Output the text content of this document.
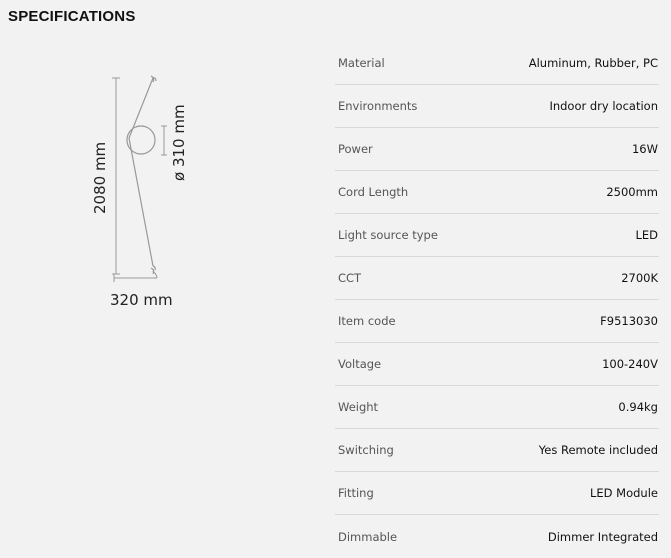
SPECIFICATIONS
2080 mm	ø 310 mm
320 mm
Material	Aluminum, Rubber, PC
Environments	Indoor dry location
Power	16W
Cord Length	2500mm
Light source type	LED
CCT	2700K
Item code	F9513030
Voltage	100-240V
Weight	0.94kg
Switching	Yes Remote included
Fitting	LED Module
Dimmable	Dimmer Integrated
